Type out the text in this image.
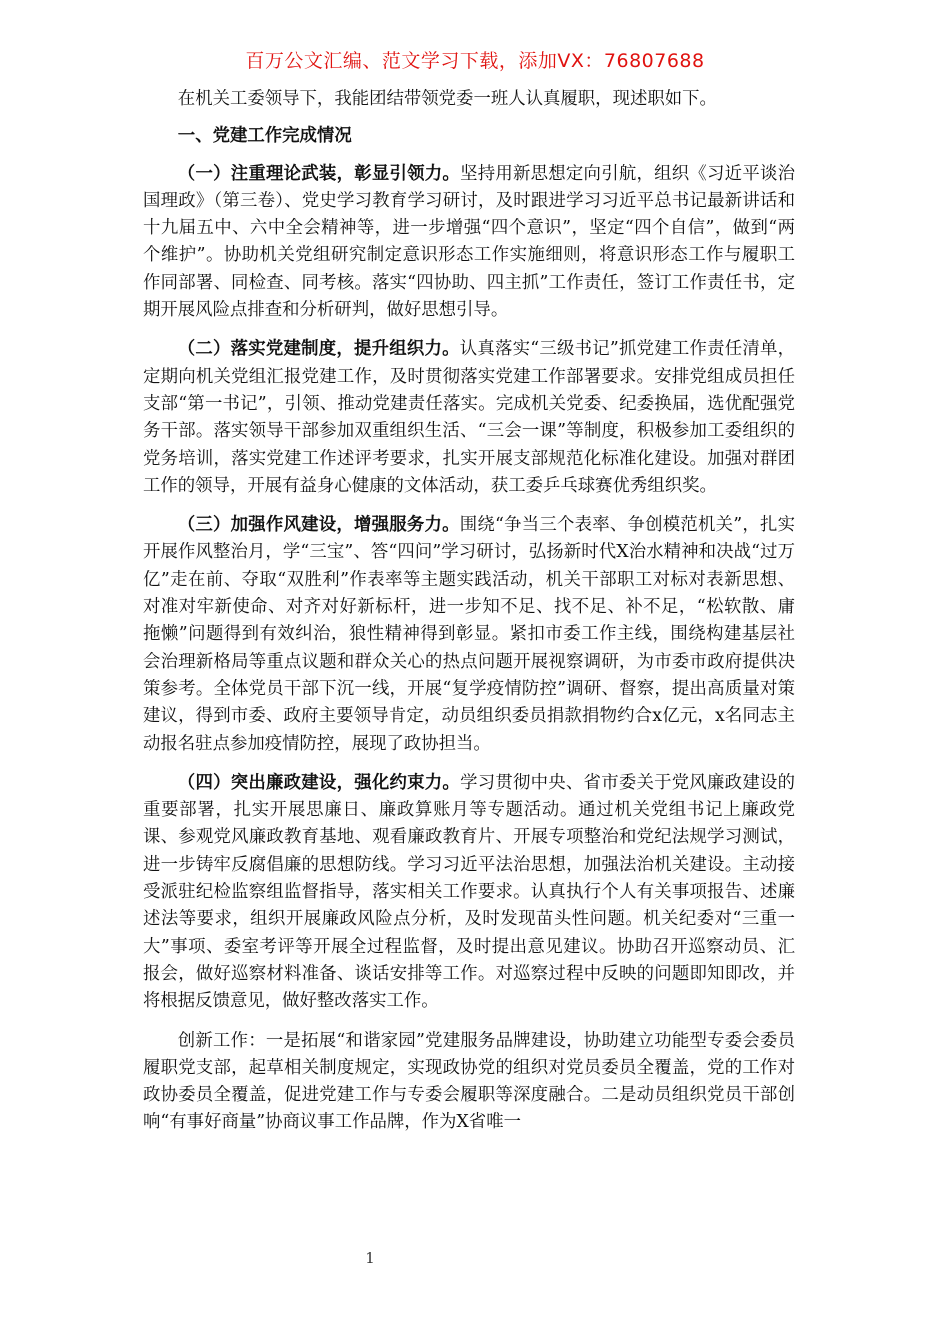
百万公文汇编、范文学习下载，添加VX：76807688

在机关工委领导下，我能团结带领党委一班人认真履职，现述职如下。

一、党建工作完成情况

（一）注重理论武装，彰显引领力。坚持用新思想定向引航，组织《习近平谈治国理政》（第三卷）、党史学习教育学习研讨，及时跟进学习习近平总书记最新讲话和十九届五中、六中全会精神等，进一步增强“四个意识”，坚定“四个自信”，做到“两个维护”。协助机关党组研究制定意识形态工作实施细则，将意识形态工作与履职工作同部署、同检查、同考核。落实“四协助、四主抓”工作责任，签订工作责任书，定期开展风险点排查和分析研判，做好思想引导。

（二）落实党建制度，提升组织力。认真落实“三级书记”抓党建工作责任清单，定期向机关党组汇报党建工作，及时贯彻落实党建工作部署要求。安排党组成员担任支部“第一书记”，引领、推动党建责任落实。完成机关党委、纪委换届，选优配强党务干部。落实领导干部参加双重组织生活、“三会一课”等制度，积极参加工委组织的党务培训，落实党建工作述评考要求，扎实开展支部规范化标准化建设。加强对群团工作的领导，开展有益身心健康的文体活动，获工委乒乓球赛优秀组织奖。

（三）加强作风建设，增强服务力。围绕“争当三个表率、争创模范机关”，扎实开展作风整治月，学“三宝”、答“四问”学习研讨，弘扬新时代X治水精神和决战“过万亿”走在前、夺取“双胜利”作表率等主题实践活动，机关干部职工对标对表新思想、对准对牢新使命、对齐对好新标杆，进一步知不足、找不足、补不足，“松软散、庸拖懒”问题得到有效纠治，狼性精神得到彰显。紧扣市委工作主线，围绕构建基层社会治理新格局等重点议题和群众关心的热点问题开展视察调研，为市委市政府提供决策参考。全体党员干部下沉一线，开展“复学疫情防控”调研、督察，提出高质量对策建议，得到市委、政府主要领导肯定，动员组织委员捐款捐物约合x亿元，x名同志主动报名驻点参加疫情防控，展现了政协担当。

（四）突出廉政建设，强化约束力。学习贯彻中央、省市委关于党风廉政建设的重要部署，扎实开展思廉日、廉政算账月等专题活动。通过机关党组书记上廉政党课、参观党风廉政教育基地、观看廉政教育片、开展专项整治和党纪法规学习测试，进一步铸牢反腐倡廉的思想防线。学习习近平法治思想，加强法治机关建设。主动接受派驻纪检监察组监督指导，落实相关工作要求。认真执行个人有关事项报告、述廉述法等要求，组织开展廉政风险点分析，及时发现苗头性问题。机关纪委对“三重一大”事项、委室考评等开展全过程监督，及时提出意见建议。协助召开巡察动员、汇报会，做好巡察材料准备、谈话安排等工作。对巡察过程中反映的问题即知即改，并将根据反馈意见，做好整改落实工作。

创新工作：一是拓展“和谐家园”党建服务品牌建设，协助建立功能型专委会委员履职党支部，起草相关制度规定，实现政协党的组织对党员委员全覆盖，党的工作对政协委员全覆盖，促进党建工作与专委会履职等深度融合。二是动员组织党员干部创响“有事好商量”协商议事工作品牌，作为X省唯一

1
